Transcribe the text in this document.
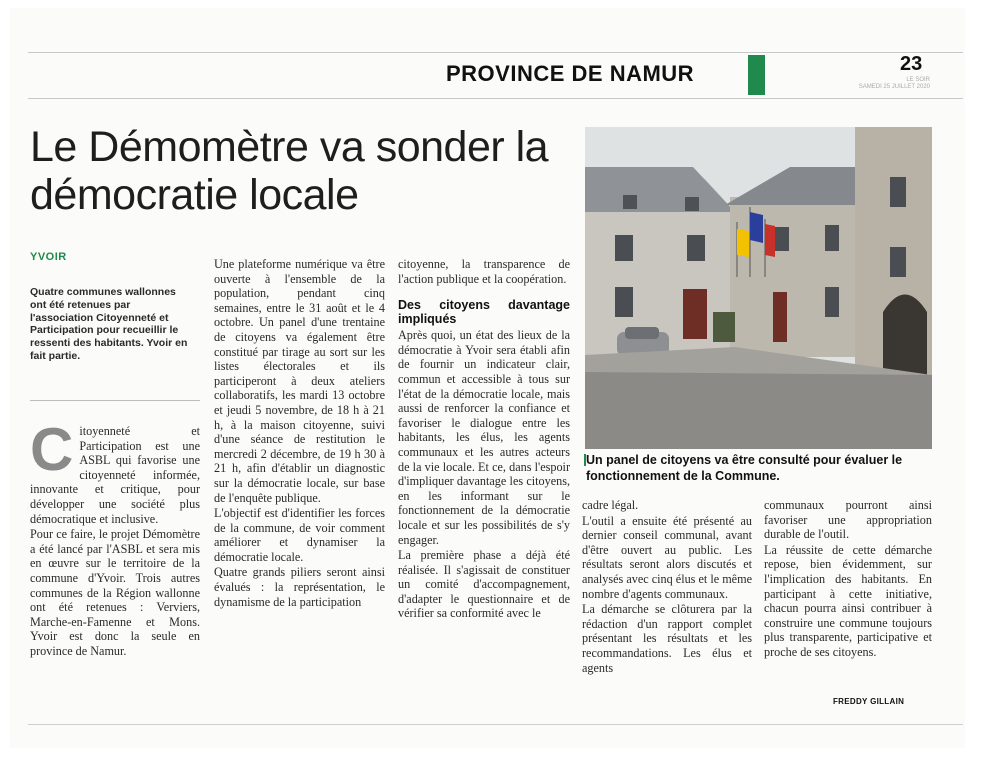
PROVINCE DE NAMUR	23
LE SOIR
SAMEDI 25 JUILLET 2020
Le Démomètre va sonder la démocratie locale
Un panel de citoyens va être consulté pour évaluer le fonctionnement de la Commune.
YVOIR
Quatre communes wallonnes ont été retenues par l'association Citoyenneté et Participation pour recueillir le ressenti des habitants. Yvoir en fait partie.

Citoyenneté et Participation est une ASBL qui favorise une citoyenneté informée, innovante et critique, pour développer une société plus démocratique et inclusive.

Pour ce faire, le projet Démomètre a été lancé par l'ASBL et sera mis en œuvre sur le territoire de la commune d'Yvoir. Trois autres communes de la Région wallonne ont été retenues : Verviers, Marche-en-Famenne et Mons. Yvoir est donc la seule en province de Namur.

Une plateforme numérique va être ouverte à l'ensemble de la population, pendant cinq semaines, entre le 31 août et le 4 octobre. Un panel d'une trentaine de citoyens va également être constitué par tirage au sort sur les listes électorales et ils participeront à deux ateliers collaboratifs, les mardi 13 octobre et jeudi 5 novembre, de 18 h à 21 h, à la maison citoyenne, suivi d'une séance de restitution le mercredi 2 décembre, de 19 h 30 à 21 h, afin d'établir un diagnostic sur la démocratie locale, sur base de l'enquête publique.

L'objectif est d'identifier les forces de la commune, de voir comment améliorer et dynamiser la démocratie locale.

Quatre grands piliers seront ainsi évalués : la représentation, le dynamisme de la participation

citoyenne, la transparence de l'action publique et la coopération.

Des citoyens davantage impliqués

Après quoi, un état des lieux de la démocratie à Yvoir sera établi afin de fournir un indicateur clair, commun et accessible à tous sur l'état de la démocratie locale, mais aussi de renforcer la confiance et favoriser le dialogue entre les habitants, les élus, les agents communaux et les autres acteurs de la vie locale. Et ce, dans l'espoir d'impliquer davantage les citoyens, en les informant sur le fonctionnement de la démocratie locale et sur les possibilités de s'y engager.

La première phase a déjà été réalisée. Il s'agissait de constituer un comité d'accompagnement, d'adapter le questionnaire et de vérifier sa conformité avec le

cadre légal.

L'outil a ensuite été présenté au dernier conseil communal, avant d'être ouvert au public. Les résultats seront alors discutés et analysés avec cinq élus et le même nombre d'agents communaux.

La démarche se clôturera par la rédaction d'un rapport complet présentant les résultats et les recommandations. Les élus et agents

communaux pourront ainsi favoriser une appropriation durable de l'outil.

La réussite de cette démarche repose, bien évidemment, sur l'implication des habitants. En participant à cette initiative, chacun pourra ainsi contribuer à construire une commune toujours plus transparente, participative et proche de ses citoyens.

FREDDY GILLAIN
